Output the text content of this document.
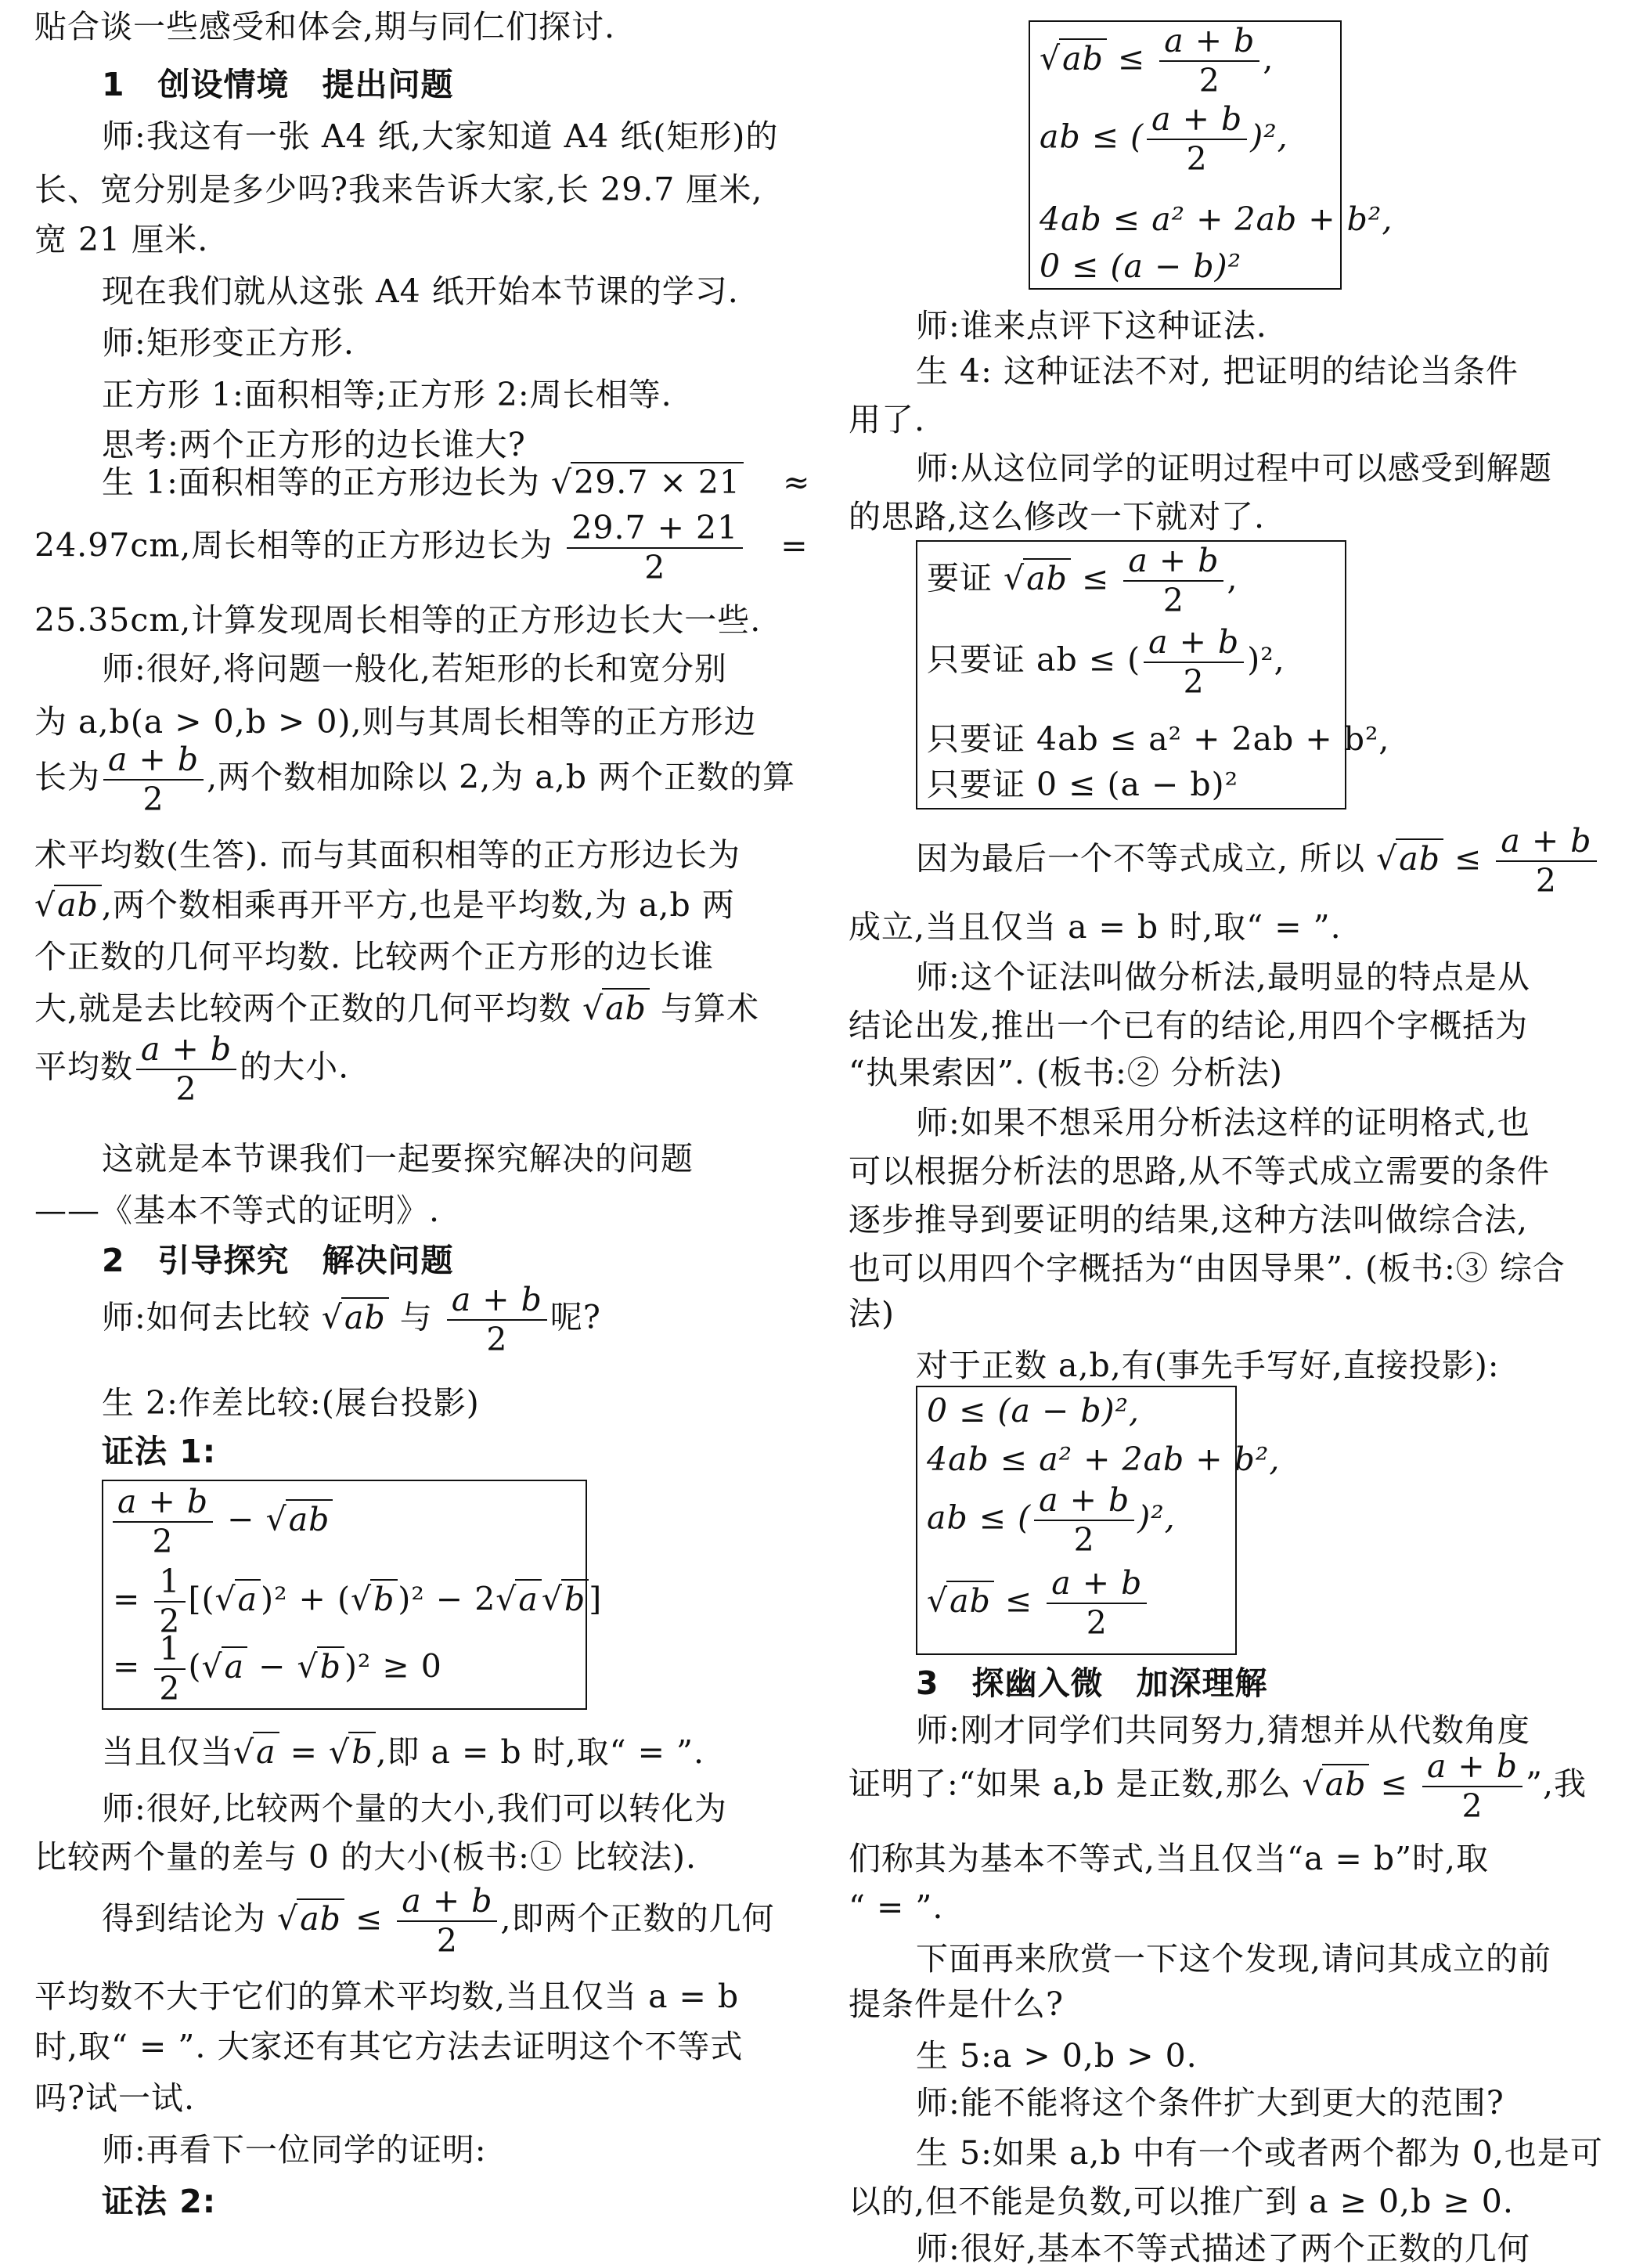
贴合谈一些感受和体会,期与同仁们探讨.
1　创设情境　提出问题
师:我这有一张 A4 纸,大家知道 A4 纸(矩形)的
长、宽分别是多少吗?我来告诉大家,长 29.7 厘米,
宽 21 厘米.
现在我们就从这张 A4 纸开始本节课的学习.
师:矩形变正方形.
正方形 1:面积相等;正方形 2:周长相等.
思考:两个正方形的边长谁大?
生 1:面积相等的正方形边长为 √29.7 × 21 ≈
24.97cm,周长相等的正方形边长为 $\frac{29.7 + 21}{2}$ =
25.35cm,计算发现周长相等的正方形边长大一些.
师:很好,将问题一般化,若矩形的长和宽分别
为 a,b(a > 0,b > 0),则与其周长相等的正方形边
长为 $\frac{a + b}{2}$ ,两个数相加除以 2,为 a,b 两个正数的算
术平均数(生答). 而与其面积相等的正方形边长为
√ab,两个数相乘再开平方,也是平均数,为 a,b 两
个正数的几何平均数. 比较两个正方形的边长谁
大,就是去比较两个正数的几何平均数 √ab 与算术
平均数 $\frac{a + b}{2}$ 的大小.
这就是本节课我们一起要探究解决的问题
——《基本不等式的证明》.
2　引导探究　解决问题
师:如何去比较 √ab 与 $\frac{a + b}{2}$ 呢?
生 2:作差比较:(展台投影)
证法 1:
$\frac{a + b}{2} - √ab$
= $\frac{1}{2} [(√a)^2 + (√b)^2 - 2√a√b]$
= $\frac{1}{2} (√a - √b)^2 \ge 0$
当且仅当√a = √b,即 a = b 时,取“ = ”.
师:很好,比较两个量的大小,我们可以转化为
比较两个量的差与 0 的大小(板书:① 比较法).
得到结论为 $√ab \le \frac{a + b}{2}$ ,即两个正数的几何
平均数不大于它们的算术平均数,当且仅当 a = b
时,取“ = ”. 大家还有其它方法去证明这个不等式
吗?试一试.
师:再看下一位同学的证明:
证法 2:
$√ab \le \frac{a + b}{2}$ ,
ab ≤ ( $\frac{a + b}{2} )^2$,
4ab ≤ a² + 2ab + b²,
0 ≤ (a − b)²
师:谁来点评下这种证法.
生 4: 这种证法不对, 把证明的结论当条件
用了.
师:从这位同学的证明过程中可以感受到解题
的思路,这么修改一下就对了.
要证 $√ab \le \frac{a + b}{2}$ ,
只要证 ab ≤ ( $\frac{a + b}{2} )^2$,
只要证 4ab ≤ a² + 2ab + b²,
只要证 0 ≤ (a − b)²
因为最后一个不等式成立, 所以 $√ab \le \frac{a + b}{2}$
成立,当且仅当 a = b 时,取“ = ”.
师:这个证法叫做分析法,最明显的特点是从
结论出发,推出一个已有的结论,用四个字概括为
“执果索因”. (板书:② 分析法)
师:如果不想采用分析法这样的证明格式,也
可以根据分析法的思路,从不等式成立需要的条件
逐步推导到要证明的结果,这种方法叫做综合法,
也可以用四个字概括为“由因导果”. (板书:③ 综合
法)
对于正数 a,b,有(事先手写好,直接投影):
0 ≤ (a − b)²,
4ab ≤ a² + 2ab + b²,
ab ≤ ( $\frac{a + b}{2} )^2$,
$√ab \le \frac{a + b}{2}$
3　探幽入微　加深理解
师:刚才同学们共同努力,猜想并从代数角度
证明了:“如果 a,b 是正数,那么 $√ab \le \frac{a + b}{2}$ ”,我
们称其为基本不等式,当且仅当“a = b”时,取
“ = ”.
下面再来欣赏一下这个发现,请问其成立的前
提条件是什么?
生 5:a > 0,b > 0.
师:能不能将这个条件扩大到更大的范围?
生 5:如果 a,b 中有一个或者两个都为 0,也是可
以的,但不能是负数,可以推广到 a ≥ 0,b ≥ 0.
师:很好,基本不等式描述了两个正数的几何
